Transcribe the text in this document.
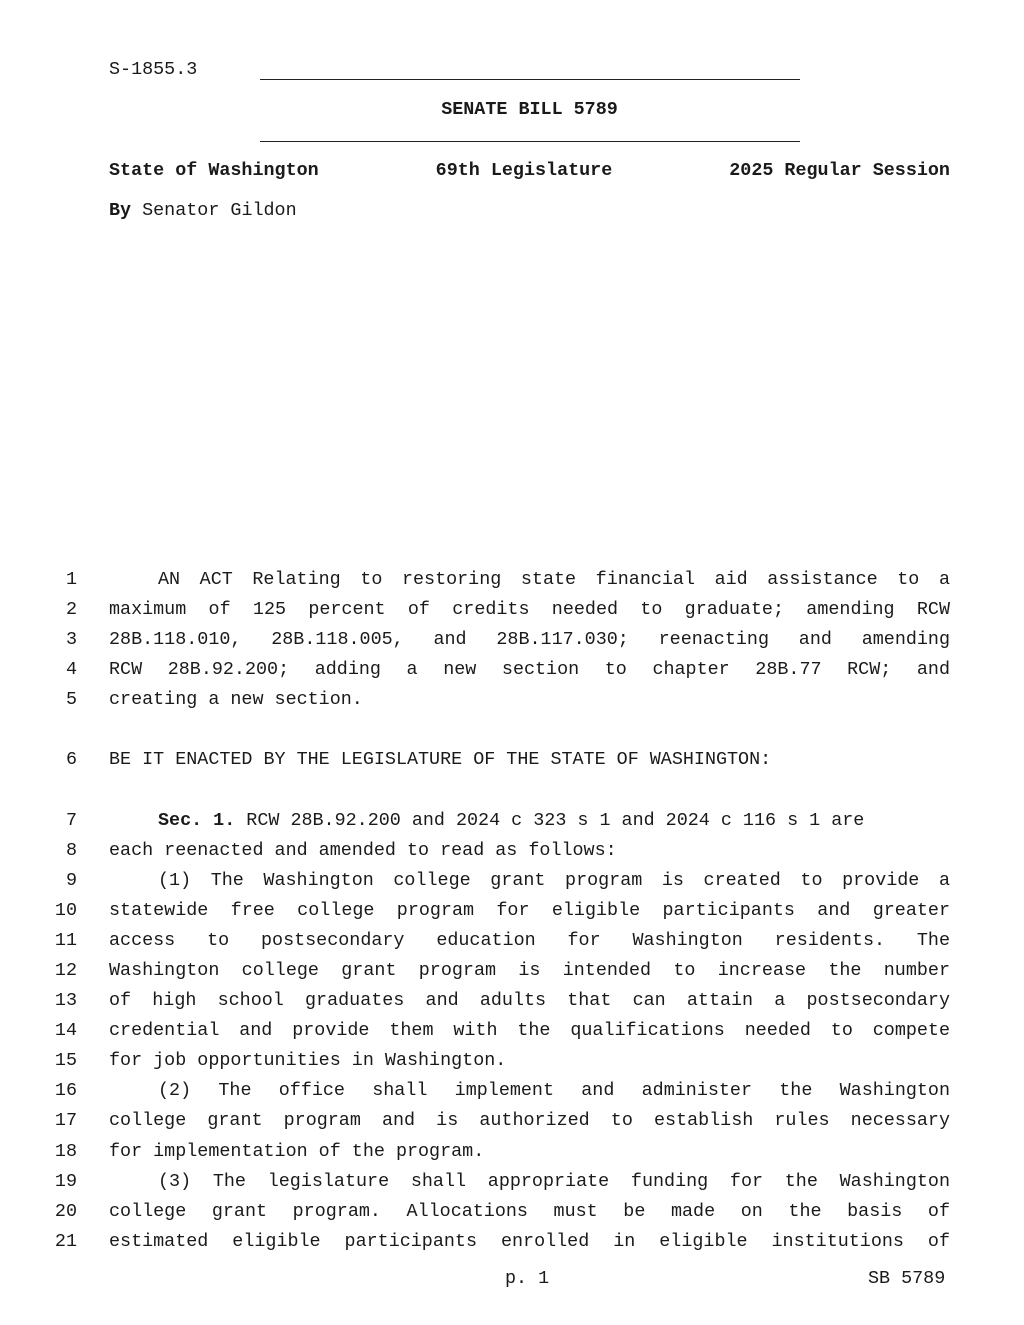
S-1855.3
SENATE BILL 5789
State of Washington	69th Legislature	2025 Regular Session
By Senator Gildon
1	AN ACT Relating to restoring state financial aid assistance to a
2 maximum of 125 percent of credits needed to graduate; amending RCW
3 28B.118.010, 28B.118.005, and 28B.117.030; reenacting and amending
4 RCW 28B.92.200; adding a new section to chapter 28B.77 RCW; and
5 creating a new section.
6 BE IT ENACTED BY THE LEGISLATURE OF THE STATE OF WASHINGTON:
7	Sec. 1. RCW 28B.92.200 and 2024 c 323 s 1 and 2024 c 116 s 1 are
8 each reenacted and amended to read as follows:
9	(1) The Washington college grant program is created to provide a
10 statewide free college program for eligible participants and greater
11 access to postsecondary education for Washington residents. The
12 Washington college grant program is intended to increase the number
13 of high school graduates and adults that can attain a postsecondary
14 credential and provide them with the qualifications needed to compete
15 for job opportunities in Washington.
16	(2) The office shall implement and administer the Washington
17 college grant program and is authorized to establish rules necessary
18 for implementation of the program.
19	(3) The legislature shall appropriate funding for the Washington
20 college grant program. Allocations must be made on the basis of
21 estimated eligible participants enrolled in eligible institutions of
p. 1	SB 5789
